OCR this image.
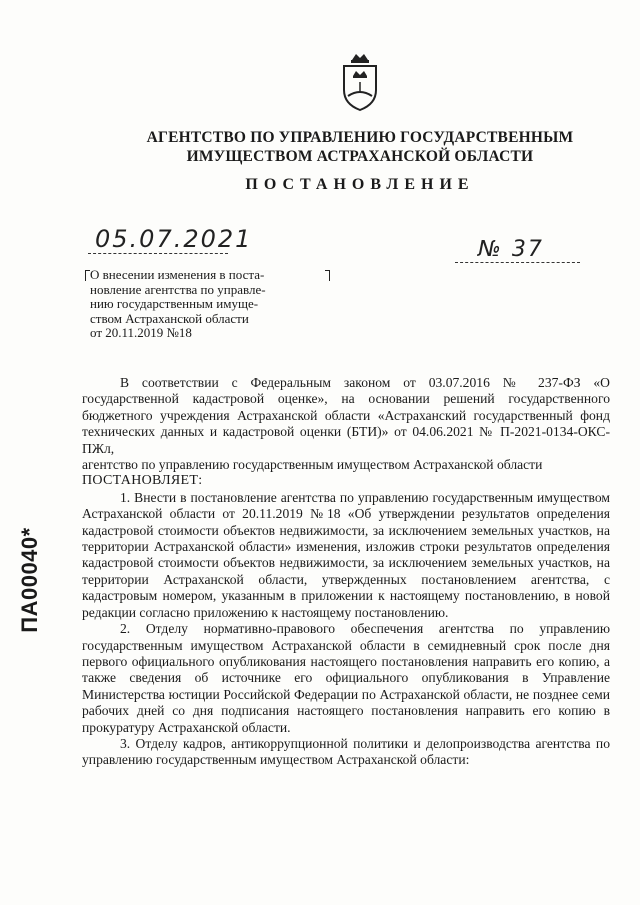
АГЕНТСТВО ПО УПРАВЛЕНИЮ ГОСУДАРСТВЕННЫМ
ИМУЩЕСТВОМ АСТРАХАНСКОЙ ОБЛАСТИ
ПОСТАНОВЛЕНИЕ
05.07.2021	№ 37
О внесении изменения в поста-
новление агентства по управле-
нию государственным имуще-
ством Астраханской области
от 20.11.2019 №18
ПА00040*

В соответствии с Федеральным законом от 03.07.2016 № 237-ФЗ «О государственной кадастровой оценке», на основании решений государственного бюджетного учреждения Астраханской области «Астраханский государственный фонд технических данных и кадастровой оценки (БТИ)» от 04.06.2021 № П-2021-0134-ОКС-ПЖл,

агентство по управлению государственным имуществом Астраханской области

ПОСТАНОВЛЯЕТ:

1. Внести в постановление агентства по управлению государственным имуществом Астраханской области от 20.11.2019 №18 «Об утверждении результатов определения кадастровой стоимости объектов недвижимости, за исключением земельных участков, на территории Астраханской области» изменения, изложив строки результатов определения кадастровой стоимости объектов недвижимости, за исключением земельных участков, на территории Астраханской области, утвержденных постановлением агентства, с кадастровым номером, указанным в приложении к настоящему постановлению, в новой редакции согласно приложению к настоящему постановлению.

2. Отделу нормативно-правового обеспечения агентства по управлению государственным имуществом Астраханской области в семидневный срок после дня первого официального опубликования настоящего постановления направить его копию, а также сведения об источнике его официального опубликования в Управление Министерства юстиции Российской Федерации по Астраханской области, не позднее семи рабочих дней со дня подписания настоящего постановления направить его копию в прокуратуру Астраханской области.

3. Отделу кадров, антикоррупционной политики и делопроизводства агентства по управлению государственным имуществом Астраханской области:
